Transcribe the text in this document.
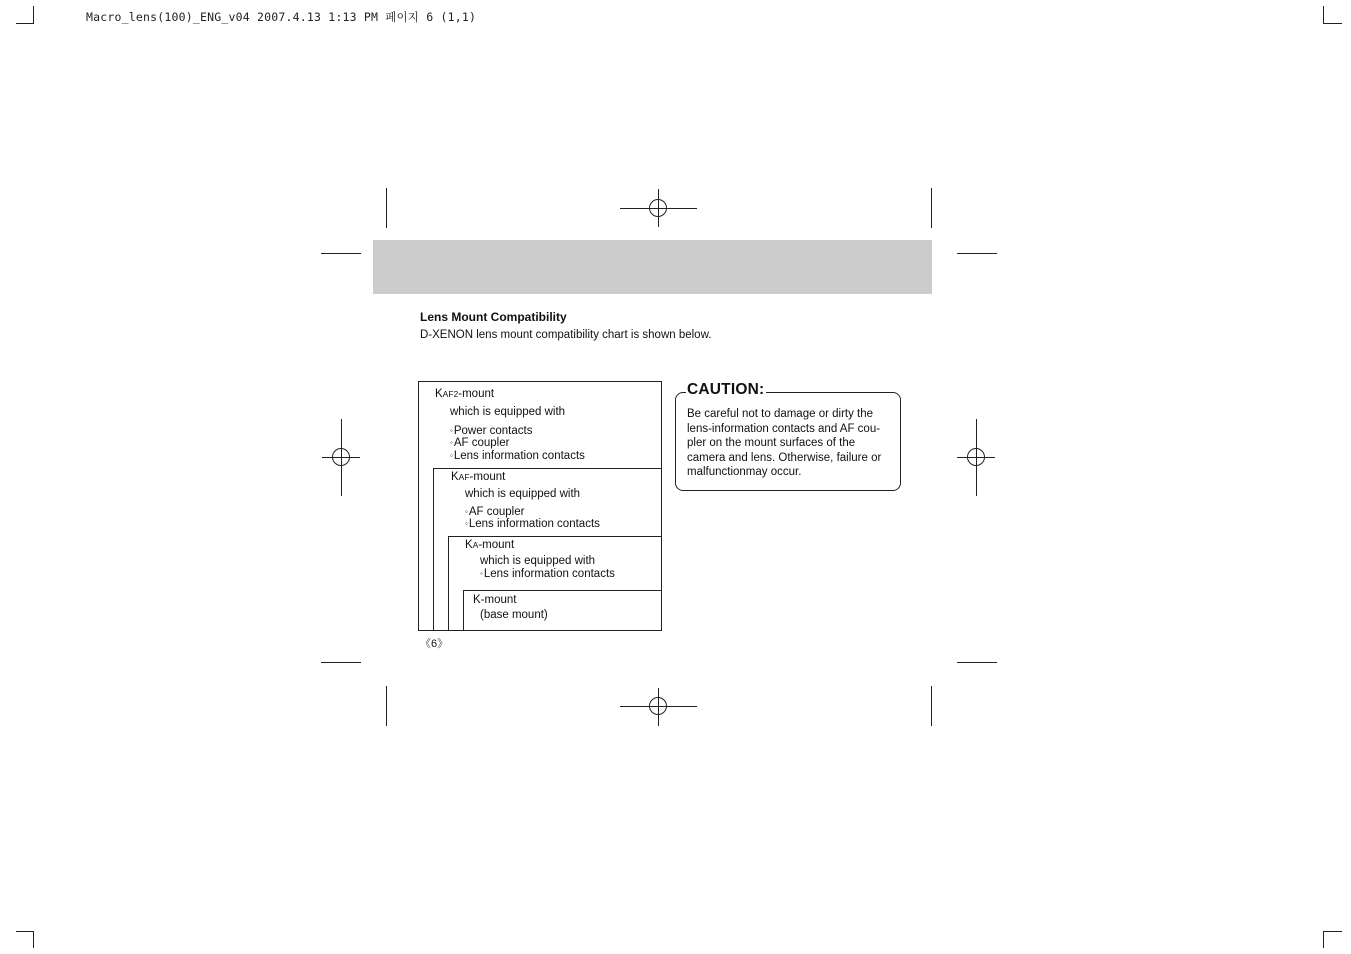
Macro_lens(100)_ENG_v04 2007.4.13 1:13 PM 페이지 6 (1,1)
Lens Mount Compatibility
D-XENON lens mount compatibility chart is shown below.
KAF2-mount
which is equipped with
◦Power contacts
◦AF coupler
◦Lens information contacts
KAF-mount
which is equipped with
◦AF coupler
◦Lens information contacts
KA-mount
which is equipped with
◦Lens information contacts
K-mount
(base mount)
CAUTION:
Be careful not to damage or dirty the
lens-information contacts and AF cou-
pler on the mount surfaces of the
camera and lens. Otherwise, failure or
malfunctionmay occur.
《6》
